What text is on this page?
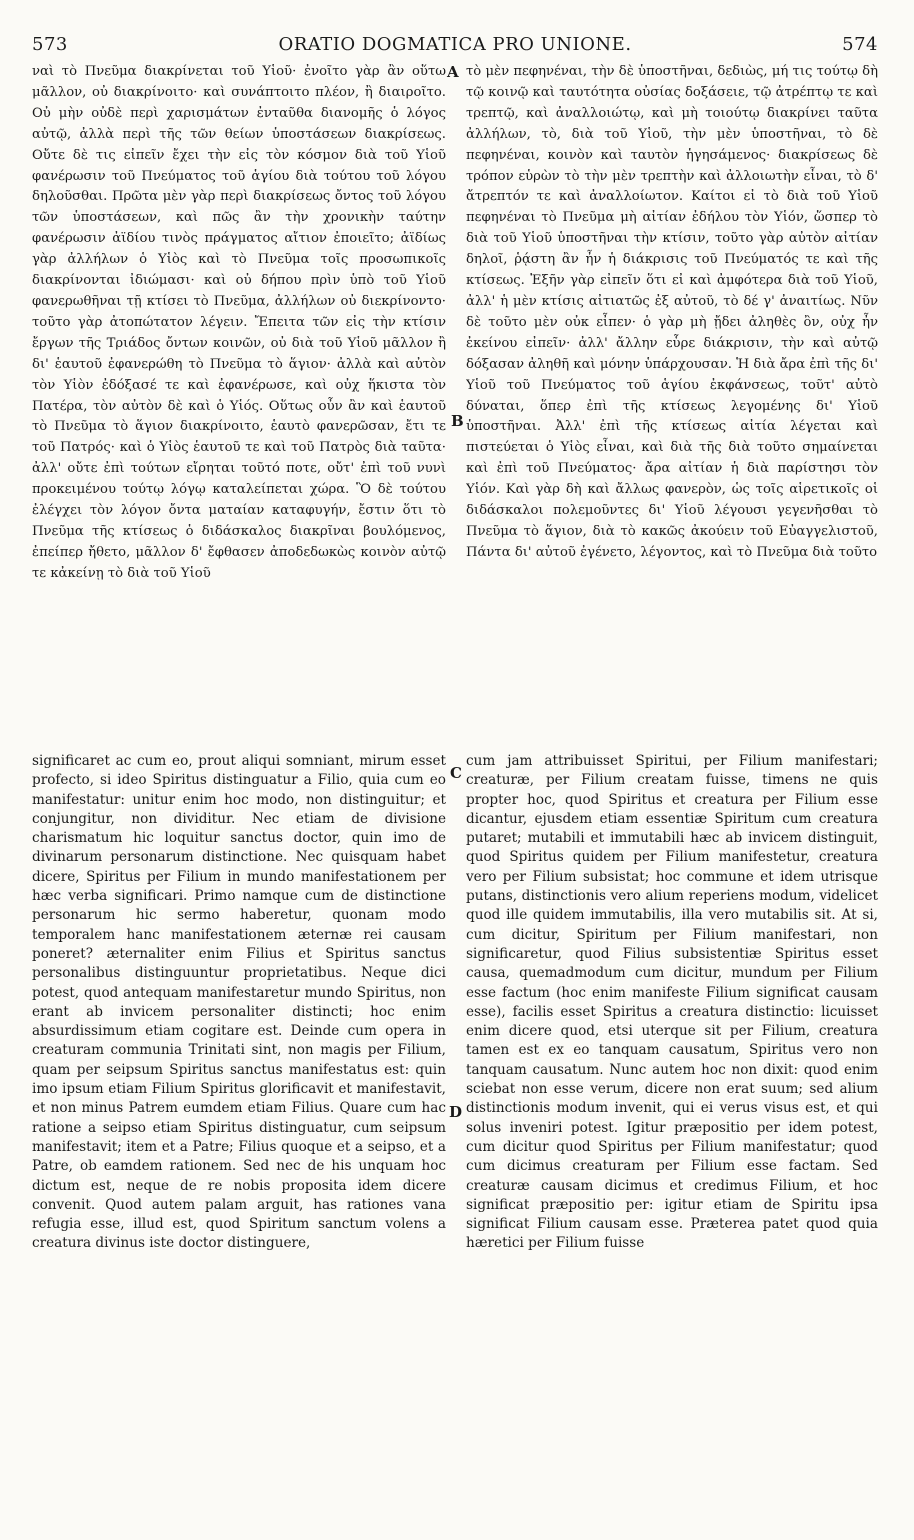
573	ORATIO DOGMATICA PRO UNIONE.	574

ναὶ τὸ Πνεῦμα διακρίνεται τοῦ Υἱοῦ· ἐνοῖτο γὰρ ἂν οὕτω μᾶλλον, οὐ διακρίνοιτο· καὶ συνάπτοιτο πλέον, ἢ διαιροῖτο. Οὐ μὴν οὐδὲ περὶ χαρισμάτων ἐνταῦθα διανομῆς ὁ λόγος αὐτῷ, ἀλλὰ περὶ τῆς τῶν θείων ὑποστάσεων διακρίσεως. Οὔτε δὲ τις εἰπεῖν ἔχει τὴν εἰς τὸν κόσμον διὰ τοῦ Υἱοῦ φανέρωσιν τοῦ Πνεύματος τοῦ ἁγίου διὰ τούτου τοῦ λόγου δηλοῦσθαι. Πρῶτα μὲν γὰρ περὶ διακρίσεως ὄντος τοῦ λόγου τῶν ὑποστάσεων, καὶ πῶς ἂν τὴν χρονικὴν ταύτην φανέρωσιν ἀϊδίου τινὸς πράγματος αἴτιον ἐποιεῖτο; ἀϊδίως γὰρ ἀλλήλων ὁ Υἱὸς καὶ τὸ Πνεῦμα τοῖς προσωπικοῖς διακρίνονται ἰδιώμασι· καὶ οὐ δήπου πρὶν ὑπὸ τοῦ Υἱοῦ φανερωθῆναι τῇ κτίσει τὸ Πνεῦμα, ἀλλήλων οὐ διεκρίνοντο· τοῦτο γὰρ ἀτοπώτατον λέγειν. Ἔπειτα τῶν εἰς τὴν κτίσιν ἔργων τῆς Τριάδος ὄντων κοινῶν, οὐ διὰ τοῦ Υἱοῦ μᾶλλον ἢ δι' ἑαυτοῦ ἐφανερώθη τὸ Πνεῦμα τὸ ἅγιον· ἀλλὰ καὶ αὐτὸν τὸν Υἱὸν ἐδόξασέ τε καὶ ἐφανέρωσε, καὶ οὐχ ἥκιστα τὸν Πατέρα, τὸν αὐτὸν δὲ καὶ ὁ Υἱός. Οὕτως οὖν ἂν καὶ ἑαυτοῦ τὸ Πνεῦμα τὸ ἅγιον διακρίνοιτο, ἑαυτὸ φανερῶσαν, ἔτι τε τοῦ Πατρός· καὶ ὁ Υἱὸς ἑαυτοῦ τε καὶ τοῦ Πατρὸς διὰ ταῦτα· ἀλλ' οὔτε ἐπὶ τούτων εἴρηται τοῦτό ποτε, οὔτ' ἐπὶ τοῦ νυνὶ προκειμένου τούτῳ λόγῳ καταλείπεται χώρα. Ὃ δὲ τούτου ἐλέγχει τὸν λόγον ὄντα ματαίαν καταφυγήν, ἔστιν ὅτι τὸ Πνεῦμα τῆς κτίσεως ὁ διδάσκαλος διακρῖναι βουλόμενος, ἐπείπερ ἤθετο, μᾶλλον δ' ἔφθασεν ἀποδεδωκὼς κοινὸν αὐτῷ τε κἀκείνῃ τὸ διὰ τοῦ Υἱοῦ

τὸ μὲν πεφηνέναι, τὴν δὲ ὑποστῆναι, δεδιὼς, μή τις τούτῳ δὴ τῷ κοινῷ καὶ ταυτότητα οὐσίας δοξάσειε, τῷ ἀτρέπτῳ τε καὶ τρεπτῷ, καὶ ἀναλλοιώτῳ, καὶ μὴ τοιούτῳ διακρίνει ταῦτα ἀλλήλων, τὸ, διὰ τοῦ Υἱοῦ, τὴν μὲν ὑποστῆναι, τὸ δὲ πεφηνέναι, κοινὸν καὶ ταυτὸν ἡγησάμενος· διακρίσεως δὲ τρόπον εὑρὼν τὸ τὴν μὲν τρεπτὴν καὶ ἀλλοιωτὴν εἶναι, τὸ δ' ἄτρεπτόν τε καὶ ἀναλλοίωτον. Καίτοι εἰ τὸ διὰ τοῦ Υἱοῦ πεφηνέναι τὸ Πνεῦμα μὴ αἰτίαν ἐδήλου τὸν Υἱόν, ὥσπερ τὸ διὰ τοῦ Υἱοῦ ὑποστῆναι τὴν κτίσιν, τοῦτο γὰρ αὐτὸν αἰτίαν δηλοῖ, ῥᾴστη ἂν ἦν ἡ διάκρισις τοῦ Πνεύματός τε καὶ τῆς κτίσεως. Ἐξῆν γὰρ εἰπεῖν ὅτι εἰ καὶ ἀμφότερα διὰ τοῦ Υἱοῦ, ἀλλ' ἡ μὲν κτίσις αἰτιατῶς ἐξ αὐτοῦ, τὸ δέ γ' ἀναιτίως. Νῦν δὲ τοῦτο μὲν οὐκ εἶπεν· ὁ γὰρ μὴ ᾔδει ἀληθὲς ὂν, οὐχ ἦν ἐκείνου εἰπεῖν· ἀλλ' ἄλλην εὗρε διάκρισιν, τὴν καὶ αὐτῷ δόξασαν ἀληθῆ καὶ μόνην ὑπάρχουσαν. Ἡ διὰ ἄρα ἐπὶ τῆς δι' Υἱοῦ τοῦ Πνεύματος τοῦ ἁγίου ἐκφάνσεως, τοῦτ' αὐτὸ δύναται, ὅπερ ἐπὶ τῆς κτίσεως λεγομένης δι' Υἱοῦ ὑποστῆναι. Ἀλλ' ἐπὶ τῆς κτίσεως αἰτία λέγεται καὶ πιστεύεται ὁ Υἱὸς εἶναι, καὶ διὰ τῆς διὰ τοῦτο σημαίνεται καὶ ἐπὶ τοῦ Πνεύματος· ἄρα αἰτίαν ἡ διὰ παρίστησι τὸν Υἱόν. Καὶ γὰρ δὴ καὶ ἄλλως φανερὸν, ὡς τοῖς αἱρετικοῖς οἱ διδάσκαλοι πολεμοῦντες δι' Υἱοῦ λέγουσι γεγενῆσθαι τὸ Πνεῦμα τὸ ἅγιον, διὰ τὸ κακῶς ἀκούειν τοῦ Εὐαγγελιστοῦ, Πάντα δι' αὐτοῦ ἐγένετο, λέγοντος, καὶ τὸ Πνεῦμα διὰ τοῦτο

A
B
C
D

significaret ac cum eo, prout aliqui somniant, mirum esset profecto, si ideo Spiritus distinguatur a Filio, quia cum eo manifestatur: unitur enim hoc modo, non distinguitur; et conjungitur, non dividitur. Nec etiam de divisione charismatum hic loquitur sanctus doctor, quin imo de divinarum personarum distinctione. Nec quisquam habet dicere, Spiritus per Filium in mundo manifestationem per hæc verba significari. Primo namque cum de distinctione personarum hic sermo haberetur, quonam modo temporalem hanc manifestationem æternæ rei causam poneret? æternaliter enim Filius et Spiritus sanctus personalibus distinguuntur proprietatibus. Neque dici potest, quod antequam manifestaretur mundo Spiritus, non erant ab invicem personaliter distincti; hoc enim absurdissimum etiam cogitare est. Deinde cum opera in creaturam communia Trinitati sint, non magis per Filium, quam per seipsum Spiritus sanctus manifestatus est: quin imo ipsum etiam Filium Spiritus glorificavit et manifestavit, et non minus Patrem eumdem etiam Filius. Quare cum hac ratione a seipso etiam Spiritus distinguatur, cum seipsum manifestavit; item et a Patre; Filius quoque et a seipso, et a Patre, ob eamdem rationem. Sed nec de his unquam hoc dictum est, neque de re nobis proposita idem dicere convenit. Quod autem palam arguit, has rationes vana refugia esse, illud est, quod Spiritum sanctum volens a creatura divinus iste doctor distinguere,

cum jam attribuisset Spiritui, per Filium manifestari; creaturæ, per Filium creatam fuisse, timens ne quis propter hoc, quod Spiritus et creatura per Filium esse dicantur, ejusdem etiam essentiæ Spiritum cum creatura putaret; mutabili et immutabili hæc ab invicem distinguit, quod Spiritus quidem per Filium manifestetur, creatura vero per Filium subsistat; hoc commune et idem utrisque putans, distinctionis vero alium reperiens modum, videlicet quod ille quidem immutabilis, illa vero mutabilis sit. At si, cum dicitur, Spiritum per Filium manifestari, non significaretur, quod Filius subsistentiæ Spiritus esset causa, quemadmodum cum dicitur, mundum per Filium esse factum (hoc enim manifeste Filium significat causam esse), facilis esset Spiritus a creatura distinctio: licuisset enim dicere quod, etsi uterque sit per Filium, creatura tamen est ex eo tanquam causatum, Spiritus vero non tanquam causatum. Nunc autem hoc non dixit: quod enim sciebat non esse verum, dicere non erat suum; sed alium distinctionis modum invenit, qui ei verus visus est, et qui solus inveniri potest. Igitur præpositio per idem potest, cum dicitur quod Spiritus per Filium manifestatur; quod cum dicimus creaturam per Filium esse factam. Sed creaturæ causam dicimus et credimus Filium, et hoc significat præpositio per: igitur etiam de Spiritu ipsa significat Filium causam esse. Prætereа patet quod quia hæretici per Filium fuisse
